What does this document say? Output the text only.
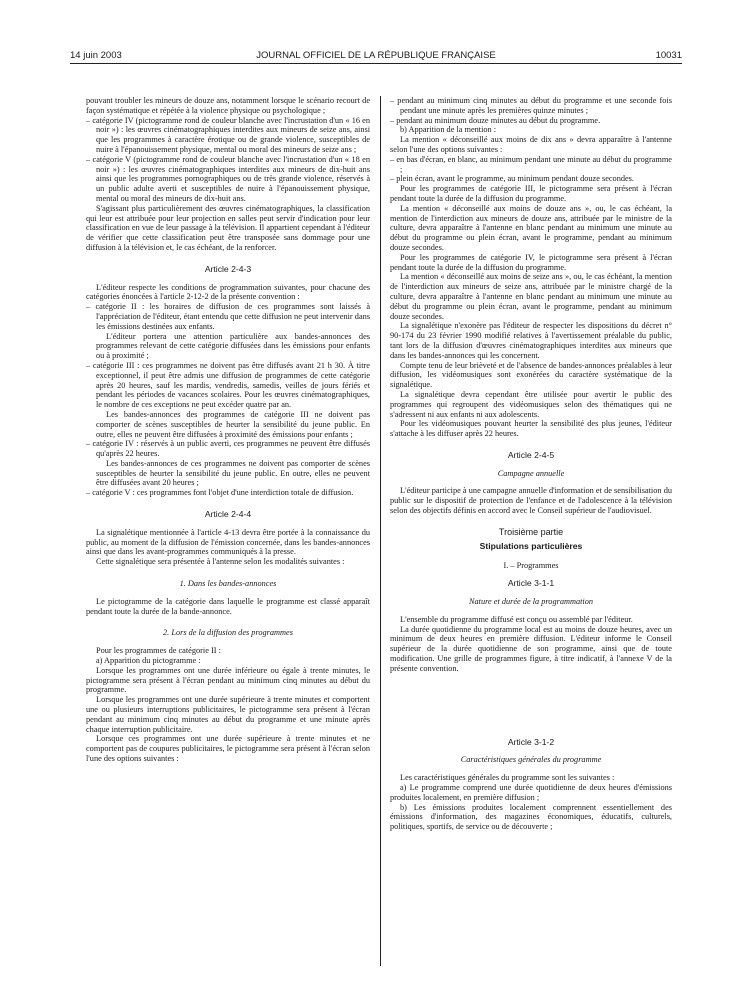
14 juin 2003	JOURNAL OFFICIEL DE LA RÉPUBLIQUE FRANÇAISE	10031

pouvant troubler les mineurs de douze ans, notamment lorsque le scénario recourt de façon systématique et répétée à la violence physique ou psychologique ;

– catégorie IV (pictogramme rond de couleur blanche avec l'incrustation d'un « 16 en noir ») : les œuvres cinématographiques interdites aux mineurs de seize ans, ainsi que les programmes à caractère érotique ou de grande violence, susceptibles de nuire à l'épanouissement physique, mental ou moral des mineurs de seize ans ;

– catégorie V (pictogramme rond de couleur blanche avec l'incrustation d'un « 18 en noir ») : les œuvres cinématographiques interdites aux mineurs de dix-huit ans ainsi que les programmes pornographiques ou de très grande violence, réservés à un public adulte averti et susceptibles de nuire à l'épanouissement physique, mental ou moral des mineurs de dix-huit ans.

S'agissant plus particulièrement des œuvres cinématographiques, la classification qui leur est attribuée pour leur projection en salles peut servir d'indication pour leur classification en vue de leur passage à la télévision. Il appartient cependant à l'éditeur de vérifier que cette classification peut être transposée sans dommage pour une diffusion à la télévision et, le cas échéant, de la renforcer.

Article 2-4-3

L'éditeur respecte les conditions de programmation suivantes, pour chacune des catégories énoncées à l'article 2-12-2 de la présente convention :

– catégorie II : les horaires de diffusion de ces programmes sont laissés à l'appréciation de l'éditeur, étant entendu que cette diffusion ne peut intervenir dans les émissions destinées aux enfants.

L'éditeur portera une attention particulière aux bandes-annonces des programmes relevant de cette catégorie diffusées dans les émissions pour enfants ou à proximité ;

– catégorie III : ces programmes ne doivent pas être diffusés avant 21 h 30. À titre exceptionnel, il peut être admis une diffusion de programmes de cette catégorie après 20 heures, sauf les mardis, vendredis, samedis, veilles de jours fériés et pendant les périodes de vacances scolaires. Pour les œuvres cinématographiques, le nombre de ces exceptions ne peut excéder quatre par an.

Les bandes-annonces des programmes de catégorie III ne doivent pas comporter de scènes susceptibles de heurter la sensibilité du jeune public. En outre, elles ne peuvent être diffusées à proximité des émissions pour enfants ;

– catégorie IV : réservés à un public averti, ces programmes ne peuvent être diffusés qu'après 22 heures.

Les bandes-annonces de ces programmes ne doivent pas comporter de scènes susceptibles de heurter la sensibilité du jeune public. En outre, elles ne peuvent être diffusées avant 20 heures ;

– catégorie V : ces programmes font l'objet d'une interdiction totale de diffusion.

Article 2-4-4

La signalétique mentionnée à l'article 4-13 devra être portée à la connaissance du public, au moment de la diffusion de l'émission concernée, dans les bandes-annonces ainsi que dans les avant-programmes communiqués à la presse.

Cette signalétique sera présentée à l'antenne selon les modalités suivantes :

1. Dans les bandes-annonces

Le pictogramme de la catégorie dans laquelle le programme est classé apparaît pendant toute la durée de la bande-annonce.

2. Lors de la diffusion des programmes

Pour les programmes de catégorie II :

a) Apparition du pictogramme :

Lorsque les programmes ont une durée inférieure ou égale à trente minutes, le pictogramme sera présent à l'écran pendant au minimum cinq minutes au début du programme.

Lorsque les programmes ont une durée supérieure à trente minutes et comportent une ou plusieurs interruptions publicitaires, le pictogramme sera présent à l'écran pendant au minimum cinq minutes au début du programme et une minute après chaque interruption publicitaire.

Lorsque ces programmes ont une durée supérieure à trente minutes et ne comportent pas de coupures publicitaires, le pictogramme sera présent à l'écran selon l'une des options suivantes :

– pendant au minimum cinq minutes au début du programme et une seconde fois pendant une minute après les premières quinze minutes ;

– pendant au minimum douze minutes au début du programme.

b) Apparition de la mention :

La mention « déconseillé aux moins de dix ans » devra apparaître à l'antenne selon l'une des options suivantes :

– en bas d'écran, en blanc, au minimum pendant une minute au début du programme ;

– plein écran, avant le programme, au minimum pendant douze secondes.

Pour les programmes de catégorie III, le pictogramme sera présent à l'écran pendant toute la durée de la diffusion du programme.

La mention « déconseillé aux moins de douze ans », ou, le cas échéant, la mention de l'interdiction aux mineurs de douze ans, attribuée par le ministre de la culture, devra apparaître à l'antenne en blanc pendant au minimum une minute au début du programme ou plein écran, avant le programme, pendant au minimum douze secondes.

Pour les programmes de catégorie IV, le pictogramme sera présent à l'écran pendant toute la durée de la diffusion du programme.

La mention « déconseillé aux moins de seize ans », ou, le cas échéant, la mention de l'interdiction aux mineurs de seize ans, attribuée par le ministre chargé de la culture, devra apparaître à l'antenne en blanc pendant au minimum une minute au début du programme ou plein écran, avant le programme, pendant au minimum douze secondes.

La signalétique n'exonère pas l'éditeur de respecter les dispositions du décret n° 90-174 du 23 février 1990 modifié relatives à l'avertissement préalable du public, tant lors de la diffusion d'œuvres cinématographiques interdites aux mineurs que dans les bandes-annonces qui les concernent.

Compte tenu de leur brièveté et de l'absence de bandes-annonces préalables à leur diffusion, les vidéomusiques sont exonérées du caractère systématique de la signalétique.

La signalétique devra cependant être utilisée pour avertir le public des programmes qui regroupent des vidéomusiques selon des thématiques qui ne s'adressent ni aux enfants ni aux adolescents.

Pour les vidéomusiques pouvant heurter la sensibilité des plus jeunes, l'éditeur s'attache à les diffuser après 22 heures.

Article 2-4-5
Campagne annuelle

L'éditeur participe à une campagne annuelle d'information et de sensibilisation du public sur le dispositif de protection de l'enfance et de l'adolescence à la télévision selon des objectifs définis en accord avec le Conseil supérieur de l'audiovisuel.

Troisième partie
Stipulations particulières
I. – Programmes
Article 3-1-1
Nature et durée de la programmation

L'ensemble du programme diffusé est conçu ou assemblé par l'éditeur.

La durée quotidienne du programme local est au moins de douze heures, avec un minimum de deux heures en première diffusion. L'éditeur informe le Conseil supérieur de la durée quotidienne de son programme, ainsi que de toute modification. Une grille de programmes figure, à titre indicatif, à l'annexe V de la présente convention.

Article 3-1-2
Caractéristiques générales du programme

Les caractéristiques générales du programme sont les suivantes :

a) Le programme comprend une durée quotidienne de deux heures d'émissions produites localement, en première diffusion ;

b) Les émissions produites localement comprennent essentiellement des émissions d'information, des magazines économiques, éducatifs, culturels, politiques, sportifs, de service ou de découverte ;
